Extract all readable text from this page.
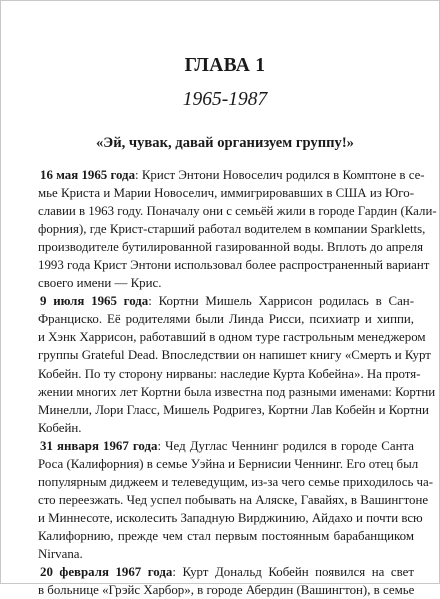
ГЛАВА 1
1965-1987
«Эй, чувак, давай организуем группу!»
16 мая 1965 года: Крист Энтони Новоселич родился в Комптоне в се-
мье Криста и Марии Новоселич, иммигрировавших в США из Юго-
славии в 1963 году. Поначалу они с семьёй жили в городе Гардин (Кали-
форния), где Крист-старший работал водителем в компании Sparkletts,
производителе бутилированной газированной воды. Вплоть до апреля
1993 года Крист Энтони использовал более распространенный вариант
своего имени — Крис.
9 июля 1965 года: Кортни Мишель Харрисон родилась в Сан-
Франциско. Её родителями были Линда Рисси, психиатр и хиппи,
и Хэнк Харрисон, работавший в одном туре гастрольным менеджером
группы Grateful Dead. Впоследствии он напишет книгу «Смерть и Курт
Кобейн. По ту сторону нирваны: наследие Курта Кобейна». На протя-
жении многих лет Кортни была известна под разными именами: Кортни
Минелли, Лори Гласс, Мишель Родригез, Кортни Лав Кобейн и Кортни
Кобейн.
31 января 1967 года: Чед Дуглас Ченнинг родился в городе Санта
Роса (Калифорния) в семье Уэйна и Бернисии Ченнинг. Его отец был
популярным диджеем и телеведущим, из-за чего семье приходилось ча-
сто переезжать. Чед успел побывать на Аляске, Гавайях, в Вашингтоне
и Миннесоте, исколесить Западную Вирджинию, Айдахо и почти всю
Калифорнию, прежде чем стал первым постоянным барабанщиком
Nirvana.
20 февраля 1967 года: Курт Дональд Кобейн появился на свет
в больнице «Грэйс Харбор», в городе Абердин (Вашингтон), в семье
